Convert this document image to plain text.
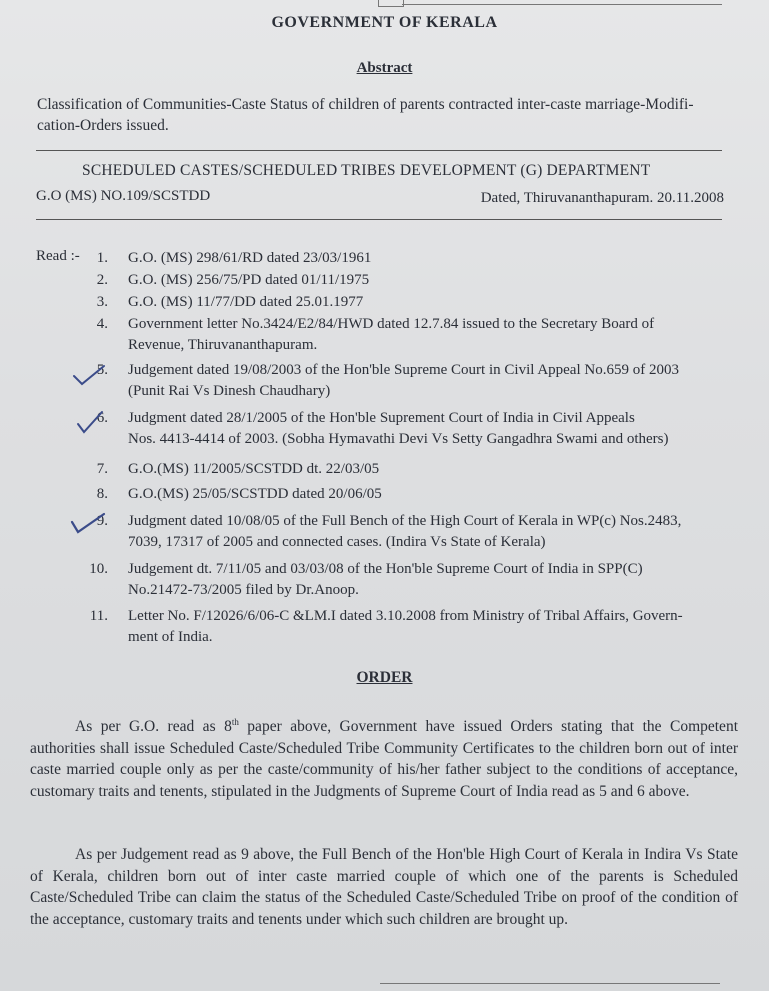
GOVERNMENT OF KERALA
Abstract
Classification of Communities-Caste Status of children of parents contracted inter-caste marriage-Modifi-
cation-Orders issued.
SCHEDULED CASTES/SCHEDULED TRIBES DEVELOPMENT (G) DEPARTMENT
G.O (MS) NO.109/SCSTDD	Dated, Thiruvananthapuram. 20.11.2008
Read :-	1. G.O. (MS) 298/61/RD dated 23/03/1961
2. G.O. (MS) 256/75/PD dated 01/11/1975
3. G.O. (MS) 11/77/DD dated 25.01.1977
4. Government letter No.3424/E2/84/HWD dated 12.7.84 issued to the Secretary Board of
Revenue, Thiruvananthapuram.
5. Judgement dated 19/08/2003 of the Hon'ble Supreme Court in Civil Appeal No.659 of 2003
(Punit Rai Vs Dinesh Chaudhary)
6. Judgment dated 28/1/2005 of the Hon'ble Suprement Court of India in Civil Appeals
Nos. 4413-4414 of 2003. (Sobha Hymavathi Devi Vs Setty Gangadhra Swami and others)
7. G.O.(MS) 11/2005/SCSTDD dt. 22/03/05
8. G.O.(MS) 25/05/SCSTDD dated 20/06/05
9. Judgment dated 10/08/05 of the Full Bench of the High Court of Kerala in WP(c) Nos.2483,
7039, 17317 of 2005 and connected cases. (Indira Vs State of Kerala)
10. Judgement dt. 7/11/05 and 03/03/08 of the Hon'ble Supreme Court of India in SPP(C)
No.21472-73/2005 filed by Dr.Anoop.
11. Letter No. F/12026/6/06-C &LM.I dated 3.10.2008 from Ministry of Tribal Affairs, Govern-
ment of India.
ORDER
As per G.O. read as 8th paper above, Government have issued Orders stating that the Competent authorities shall issue Scheduled Caste/Scheduled Tribe Community Certificates to the children born out of inter caste married couple only as per the caste/community of his/her father subject to the conditions of acceptance, customary traits and tenents, stipulated in the Judgments of Supreme Court of India read as 5 and 6 above.
As per Judgement read as 9 above, the Full Bench of the Hon'ble High Court of Kerala in Indira Vs State of Kerala, children born out of inter caste married couple of which one of the parents is Scheduled Caste/Scheduled Tribe can claim the status of the Scheduled Caste/Scheduled Tribe on proof of the condition of the acceptance, customary traits and tenents under which such children are brought up.
